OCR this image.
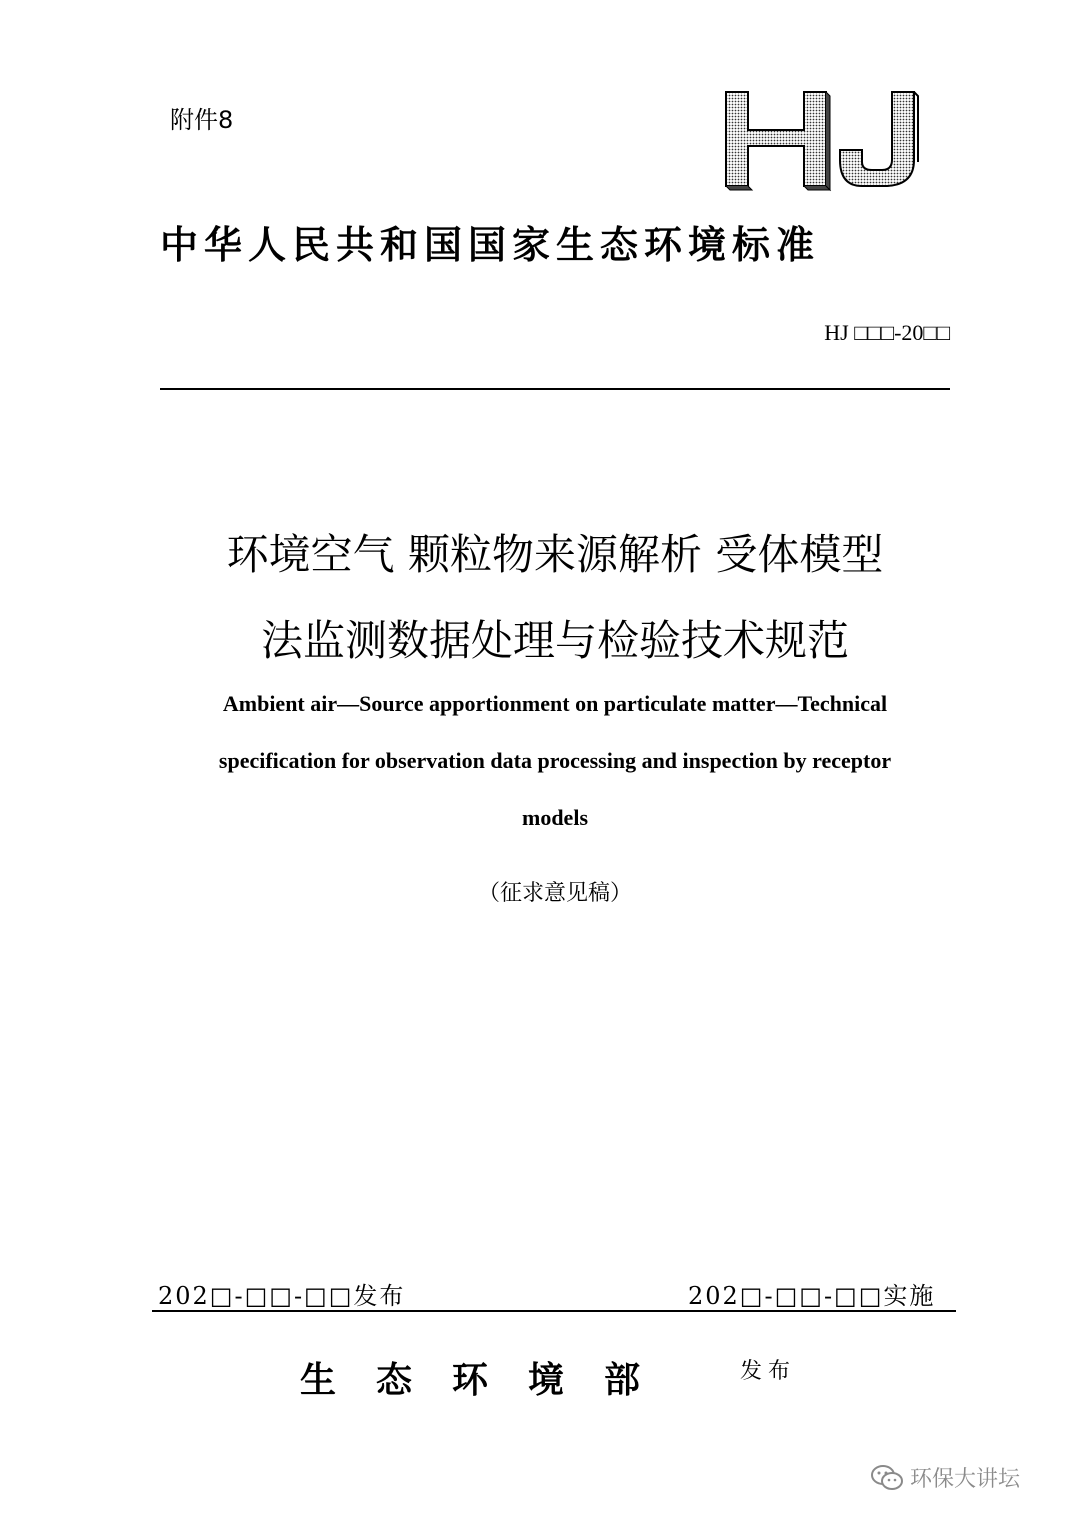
附件8
中华人民共和国国家生态环境标准
HJ □□□-20□□
环境空气 颗粒物来源解析 受体模型
法监测数据处理与检验技术规范
Ambient air—Source apportionment on particulate matter—Technical
specification for observation data processing and inspection by receptor
models
（征求意见稿）
202□-□□-□□发布	202□-□□-□□实施
生态环境部	发布
环保大讲坛
